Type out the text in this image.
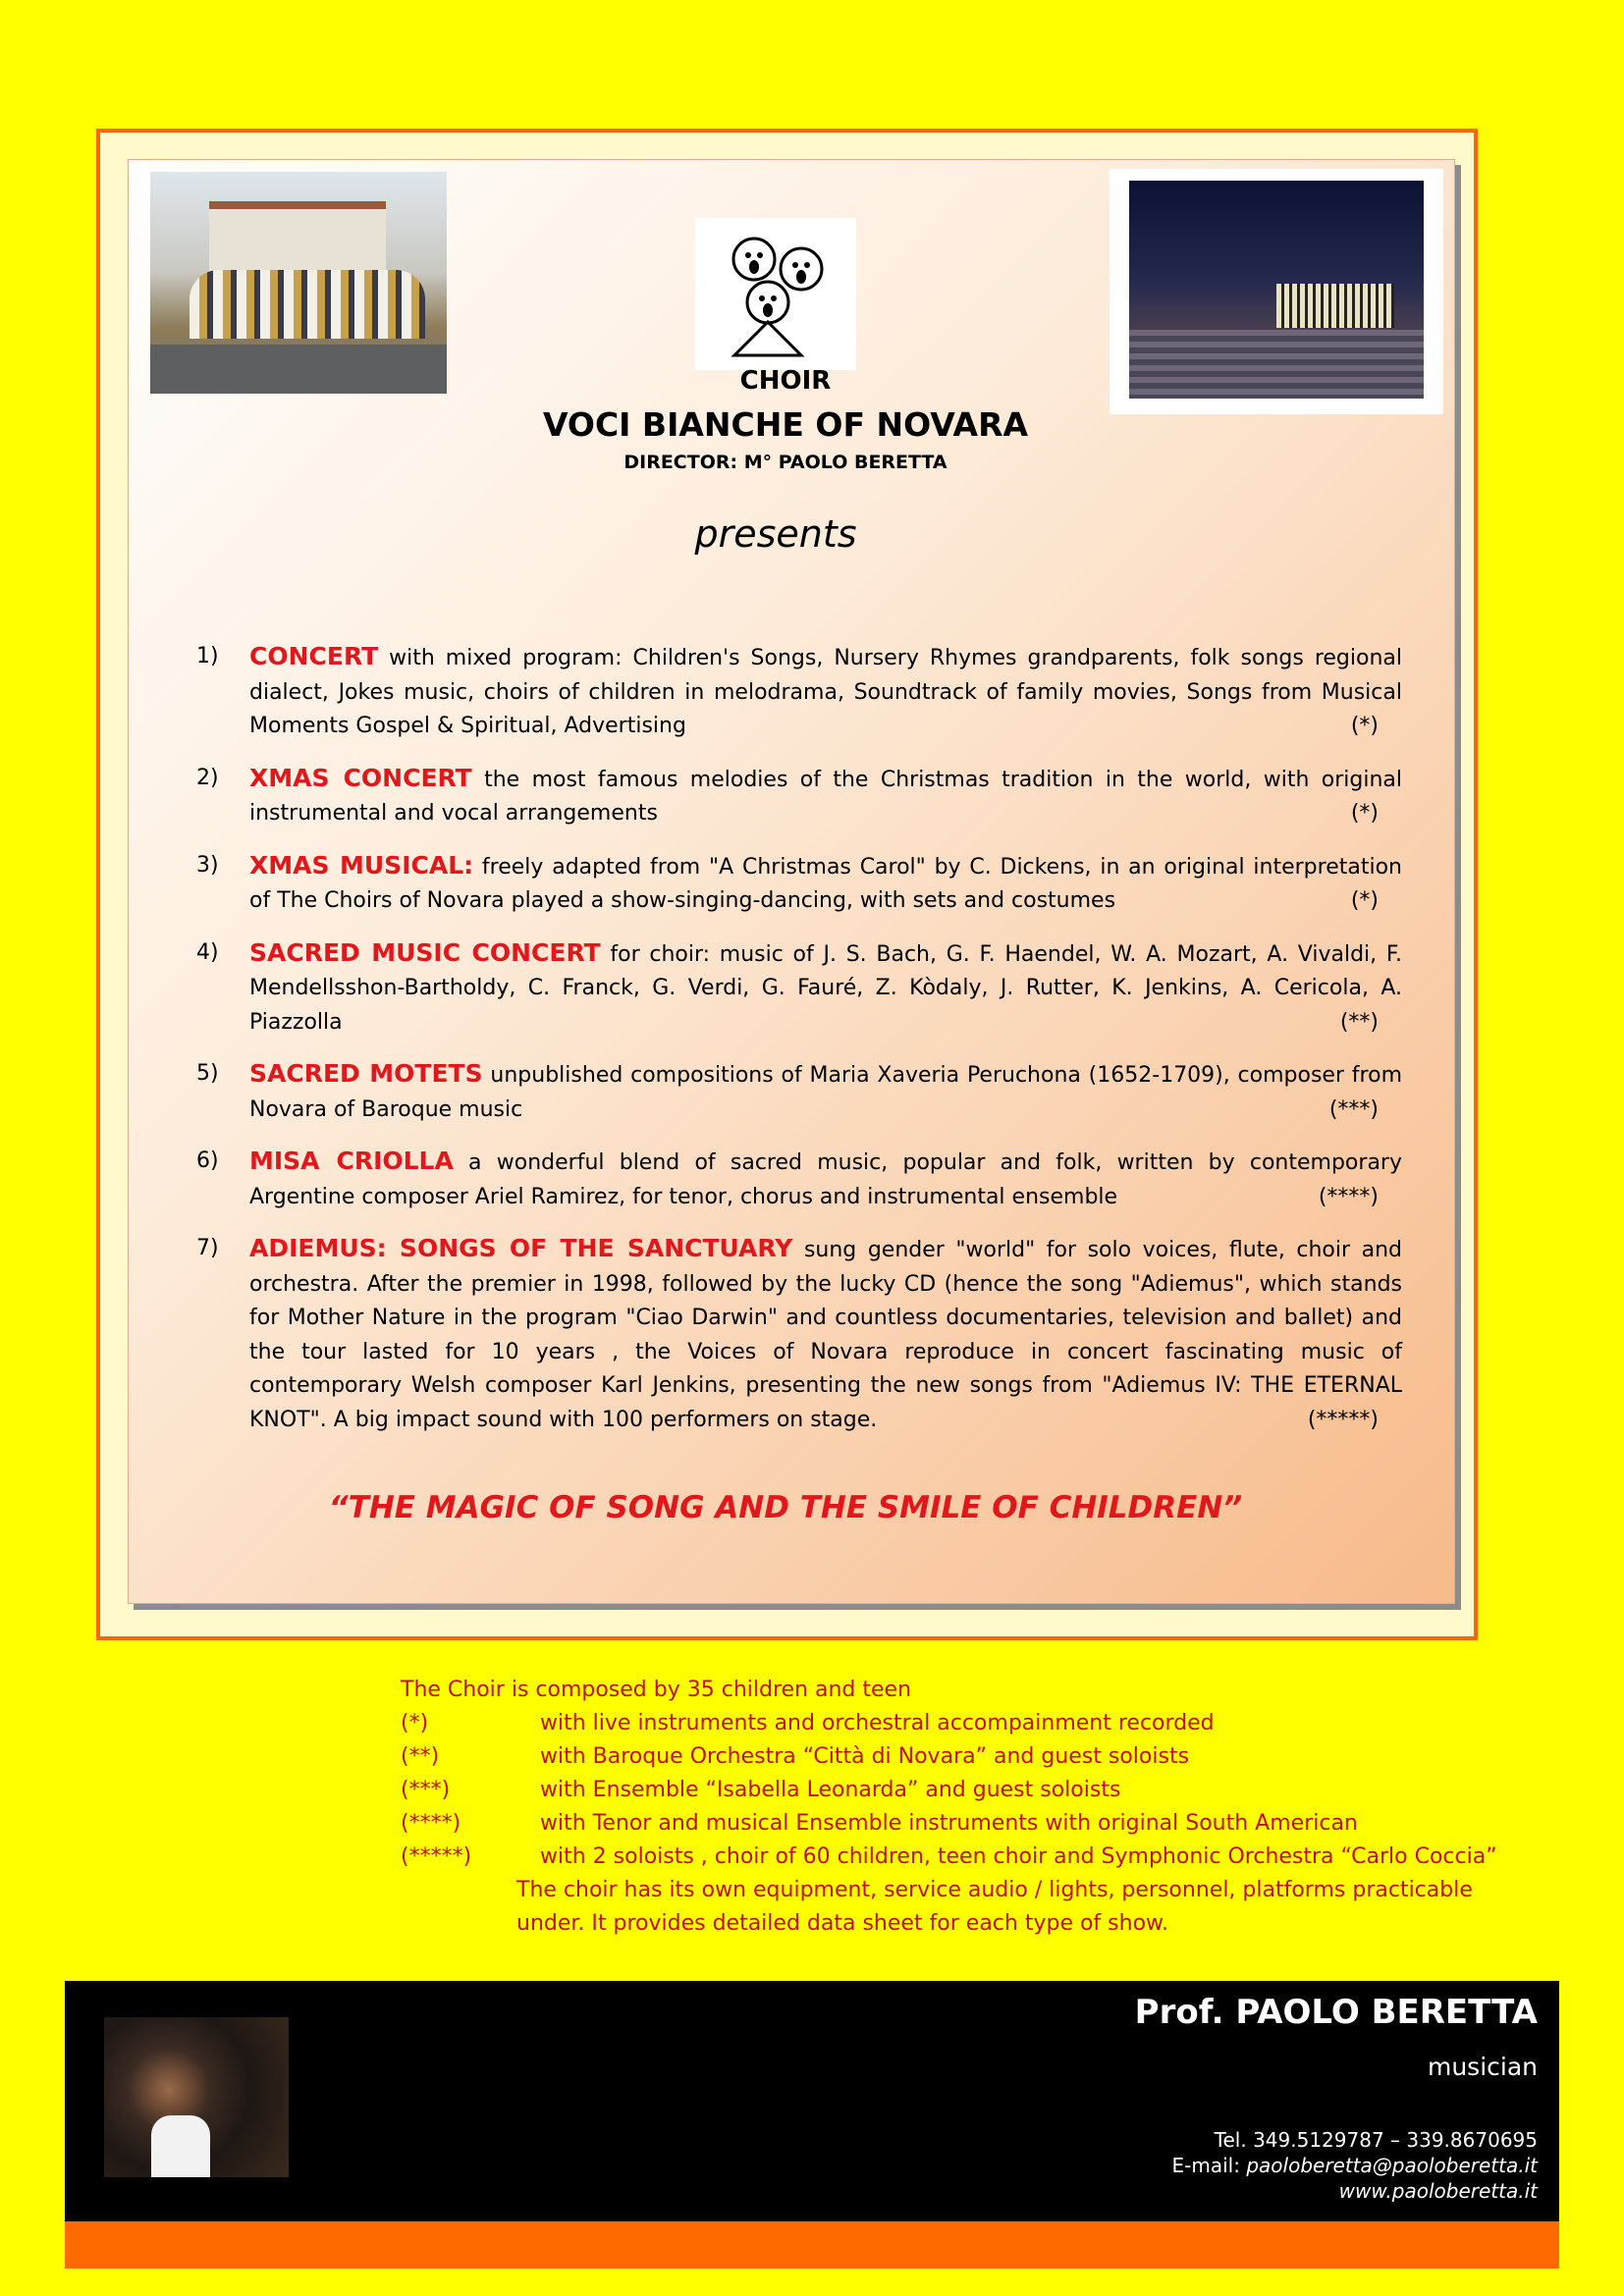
CHOIR
VOCI BIANCHE OF NOVARA
DIRECTOR: M° PAOLO BERETTA
presents
1) CONCERT with mixed program: Children's Songs, Nursery Rhymes grandparents, folk songs regional dialect, Jokes music, choirs of children in melodrama, Soundtrack of family movies, Songs from Musical Moments Gospel & Spiritual, Advertising	(*)
2) XMAS CONCERT the most famous melodies of the Christmas tradition in the world, with original instrumental and vocal arrangements	(*)
3) XMAS MUSICAL: freely adapted from "A Christmas Carol" by C. Dickens, in an original interpretation of The Choirs of Novara played a show-singing-dancing, with sets and costumes	(*)
4) SACRED MUSIC CONCERT for choir: music of J. S. Bach, G. F. Haendel, W. A. Mozart, A. Vivaldi, F. Mendellsshon-Bartholdy, C. Franck, G. Verdi, G. Fauré, Z. Kòdaly, J. Rutter, K. Jenkins, A. Cericola, A. Piazzolla	(**)
5) SACRED MOTETS unpublished compositions of Maria Xaveria Peruchona (1652-1709), composer from Novara of Baroque music	(***)
6) MISA CRIOLLA a wonderful blend of sacred music, popular and folk, written by contemporary Argentine composer Ariel Ramirez, for tenor, chorus and instrumental ensemble	(****)
7) ADIEMUS: SONGS OF THE SANCTUARY sung gender "world" for solo voices, flute, choir and orchestra. After the premier in 1998, followed by the lucky CD (hence the song "Adiemus", which stands for Mother Nature in the program "Ciao Darwin" and countless documentaries, television and ballet) and the tour lasted for 10 years , the Voices of Novara reproduce in concert fascinating music of contemporary Welsh composer Karl Jenkins, presenting the new songs from "Adiemus IV: THE ETERNAL KNOT". A big impact sound with 100 performers on stage.	(*****)
“THE MAGIC OF SONG AND THE SMILE OF CHILDREN”
The Choir is composed by 35 children and teen
(*)	with live instruments and orchestral accompainment recorded
(**)	with Baroque Orchestra “Città di Novara” and guest soloists
(***)	with Ensemble “Isabella Leonarda” and guest soloists
(****)	with Tenor and musical Ensemble instruments with original South American
(*****)	with 2 soloists , choir of 60 children, teen choir and Symphonic Orchestra “Carlo Coccia”
The choir has its own equipment, service audio / lights, personnel, platforms practicable
under. It provides detailed data sheet for each type of show.
Prof. PAOLO BERETTA
musician
Tel. 349.5129787 – 339.8670695
E-mail: paoloberetta@paoloberetta.it
www.paoloberetta.it
